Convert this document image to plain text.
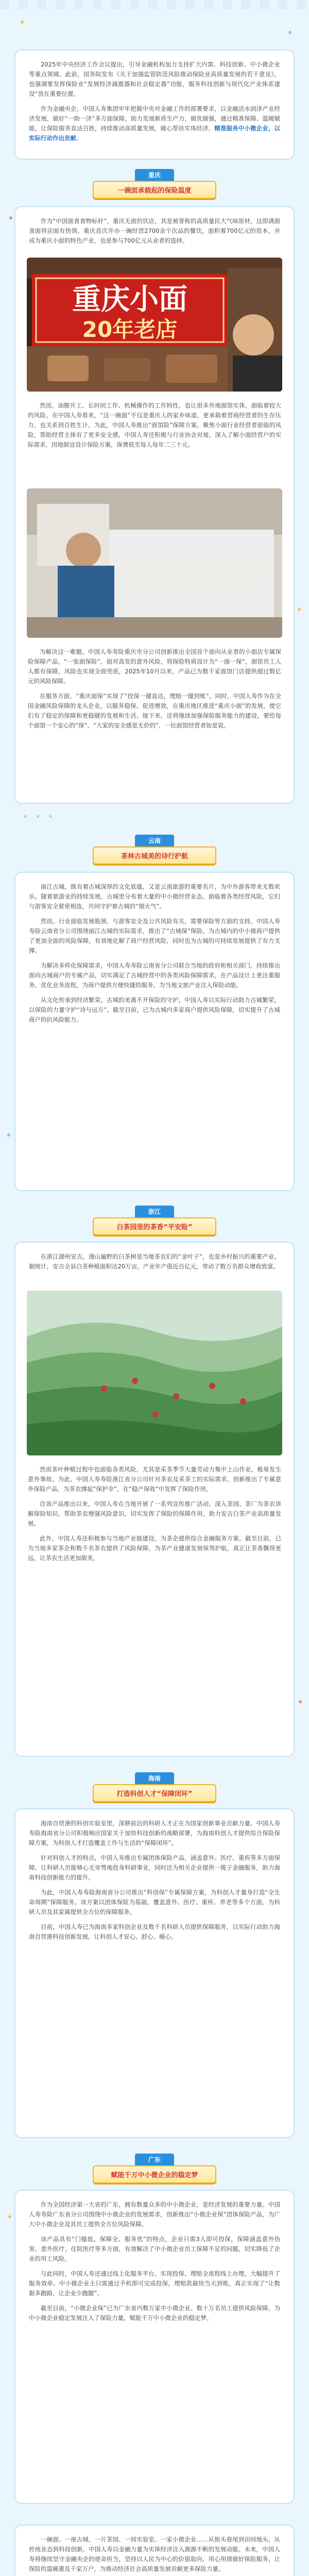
2025年中央经济工作会议提出，引导金融机构加力支持扩大内需、科技创新、中小微企业等重点领域。此前，国务院发布《关于加强监管防范风险推动保险业高质量发展的若干意见》，也强调要发挥保险业“发展经济减震器和社会稳定器”功能，服务科技创新与现代化产业体系建设“放在重要位置。

作为金融央企，中国人寿集团牢牢把握中央对金融工作的部署要求，以金融活水润泽产业经济发展，做好“一助一济”多方面保障，助力发展新质生产力，做优做强，通过精准保障、温暖赋能，让保险服务直达百姓，持续推动高质量发展，暖心帮扶实体经济。精准服务中小微企业，以实际行动作出贡献。

重庆
一碗面承载起的保险温度

作为“中国面食食物标杆”，重庆无面的饮店，其是被誉称的高质量民大气味原材，这即满面食面将店面有热情。重庆首次开办一碗经营2700余个次品的餐饮，面积着700亿元的资本，并成为重庆小面的特色产业，也是参与700亿元从业者的选择。

重庆小面
20年老店

然而，油腥开工、长时间工作、机械操作的工作特性，也让很多外地面馆实体，面临着较大的风险。在中国人寿看来，“这一碗面”不仅是重庆人的家乡味道，更承载着营商经营者的生存压力，也关系到百姓生计。为此，中国人寿推出“面馆险”保障方案，聚焦小面行业经营者面临的风险，帮助经营主体有了更多安全感，中国人寿还积极与行业协会对接，深入了解小面经营户的实际需求，因地制宜设计保险方案，保费低至每人每年二三十元。

为解决这一难题，中国人寿寿险重庆市分公司创新推出全国首个面向从业者的小面店专属保险保障产品，“一张面保险”，面对高发的意外风险，将保险特质设计为“一面一保”，面馆员工人人都有保障，风险也实现全面兜底，2025年10月以来，产品已为数千家面馆门店提供超过数亿元的风险保障。

在服务方面，“重庆面保”实现了“投保一键直达，理赔一键到账”。同时，中国人寿作为在全国金融风险保障的龙头企业，以服务稳保、促进增效，在重庆地区推进“重庆小面”的发展，使它们有了稳定的保障和更稳健的发展和生活。接下来，还将继续加强保险服务能力的建设，要给每个面馆一个安心的“保”，“大家的安全感是无价的”，一位面馆经营者如是说。

• • •
云南
茶林古城美的诗行护航

丽江古城，既有着古城深厚的文化底蕴，又是云南旅游的重要名片，为中外游客带来无数欢乐。随着旅游业的持续发展，古城里分布着大量的中小微经营业态，面临着各类经营风险，它们与游客安全紧密相连，共同守护着古城的“烟火气”。

然而，行业面临发展瓶颈，与游客安全及公共风险有关，需要保险等方面的支持。中国人寿寿险云南省分公司围绕丽江古城的实际需求，推出了“古城保”保险，为古城内的中小微商户提供了更加全面的风险保障，有效地化解了商户经营风险，同时也为古城的可持续发展提供了有力支撑。

为解决多样化保障需求，中国人寿寿险云南省分公司联合当地的政府和相关部门，持续推出面向古城商户的专属产品，切实满足了古城经营中的各类风险保障需求，在产品设计上更注重服务，优化业务流程，为商户提供方便快捷的服务，为当地文旅产业注入保险动能。

从文化传承到经济繁荣，古城的美离不开保险的守护，中国人寿以实际行动助力古城繁荣，以保险的力量守护“诗与远方”。截至目前，已为古城内多家商户提供风险保障，切实提升了古城商户的抗风险能力。

浙江
白茶园里的茶香“平安险”

在浙江湖州安吉，漫山遍野的白茶树是当地茶农们的“金叶子”，也是乡村振兴的重要产业。据统计，安吉全县白茶种植面积达20万亩，产业年产值近百亿元，带动了数万名群众增收致富。

然而茶叶种植过程中也面临各类风险，尤其是采茶季节大量劳动力集中上山作业，极易发生意外事故。为此，中国人寿寿险浙江省分公司针对茶农及采茶工的实际需求，创新推出了专属意外保险产品，为茶农撑起“保护伞”，在“稳产保收”中发挥了保险作用。

自该产品推出以来，中国人寿在当地开展了一系列宣传推广活动，深入茶园、茶厂为茶农讲解保险知识，帮助茶农增强风险意识，切实发挥了保险的保障作用，助力安吉白茶产业高质量发展。

此外，中国人寿还积极参与当地产业链建设，为茶企提供综合金融服务方案。截至目前，已为当地多家茶企和数千名茶农提供了风险保障，为茶产业健康发展保驾护航，真正让茶香飘得更远，让茶农生活更加甜美。

海南
打造科创人才“保障闭环”

海南自贸港的科创实验室里，深耕前沿的科研人才正在为国家创新事业贡献力量。中国人寿寿险海南省分公司积极响应国家关于加快科技创新的战略部署，为海南科创人才提供综合保险保障方案，为科创人才打造覆盖工作与生活的“保障闭环”。

针对科创人才的特点，中国人寿推出专属团体保险产品，涵盖意外、医疗、重疾等多方面保障，让科研人员能够心无旁骛地投身科研事业，同时还为相关企业提供一揽子金融服务，助力海南科技创新能力的提升。

为此，中国人寿寿险海南省分公司推出“科创保”专属保障方案，为科创人才量身打造“全生命周期”保障服务。该方案以团体保险为基础，覆盖意外、医疗、重疾、养老等多个方面，为科研人员及其家属提供全方位的保障服务。

目前，中国人寿已为海南多家科创企业及数千名科研人员提供保障服务，以实际行动助力海南自贸港科技创新发展，让科创人才安心、舒心、暖心。

广东
赋能千万中小微企业的稳定梦

作为全国经济第一大省的广东，拥有数量众多的中小微企业，是经济发展的重要力量。中国人寿寿险广东省分公司围绕中小微企业的发展需求，创新推出“小微企业保”团体保险产品，为广大中小微企业及其员工提供全方位风险保障。

该产品具有“门槛低、保障全、服务优”的特点，企业只需3人即可投保，保障涵盖意外伤害、意外医疗、住院医疗等多方面，有效解决了中小微企业员工保障不足的问题，切实降低了企业的用工风险。

与此同时，中国人寿还通过线上化服务平台，实现投保、理赔全流程线上办理，大幅提升了服务效率。中小微企业主只需通过手机即可完成投保，理赔款最快当天到账，真正实现了“让数据多跑路，让企业少跑腿”。

截至目前，“小微企业保”已为广东省内数万家中小微企业、数十万名员工提供风险保障，为中小微企业稳定发展注入了保险力量，赋能千万中小微企业的稳定梦。

一碗面、一座古城、一片茶园、一间实验室、一家小微企业……从街头巷尾到田间地头，从传统业态到科技创新，中国人寿以金融力量为实体经济注入源源不断的发展动能。未来，中国人寿将继续坚守金融央企的使命担当，坚持以人民为中心的价值取向，用心用情做好保险服务，让保险的温暖惠及千家万户，为推动经济社会高质量发展贡献更多保险力量。
